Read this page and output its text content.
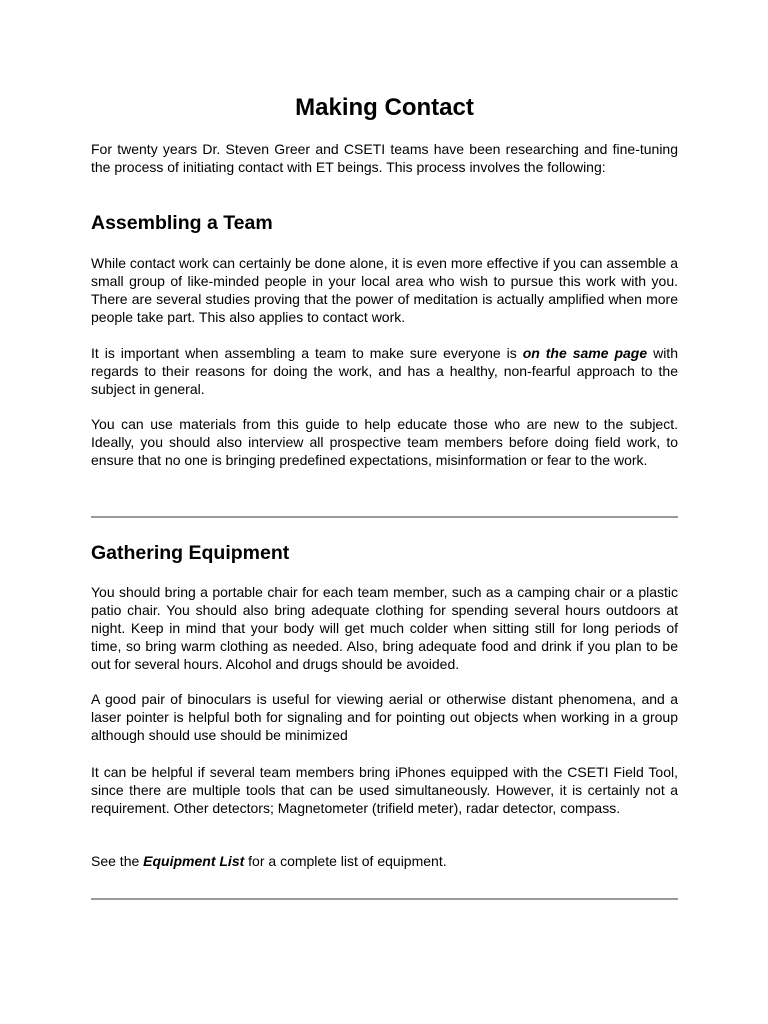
Making Contact

For twenty years Dr. Steven Greer and CSETI teams have been researching and fine-tuning the process of initiating contact with ET beings. This process involves the following:

Assembling a Team

While contact work can certainly be done alone, it is even more effective if you can assemble a small group of like-minded people in your local area who wish to pursue this work with you. There are several studies proving that the power of meditation is actually amplified when more people take part. This also applies to contact work.

It is important when assembling a team to make sure everyone is on the same page with regards to their reasons for doing the work, and has a healthy, non-fearful approach to the subject in general.

You can use materials from this guide to help educate those who are new to the subject. Ideally, you should also interview all prospective team members before doing field work, to ensure that no one is bringing predefined expectations, misinformation or fear to the work.

Gathering Equipment

You should bring a portable chair for each team member, such as a camping chair or a plastic patio chair. You should also bring adequate clothing for spending several hours outdoors at night. Keep in mind that your body will get much colder when sitting still for long periods of time, so bring warm clothing as needed. Also, bring adequate food and drink if you plan to be out for several hours. Alcohol and drugs should be avoided.

A good pair of binoculars is useful for viewing aerial or otherwise distant phenomena, and a laser pointer is helpful both for signaling and for pointing out objects when working in a group although should use should be minimized

It can be helpful if several team members bring iPhones equipped with the CSETI Field Tool, since there are multiple tools that can be used simultaneously. However, it is certainly not a requirement. Other detectors; Magnetometer (trifield meter), radar detector, compass.

See the Equipment List for a complete list of equipment.
